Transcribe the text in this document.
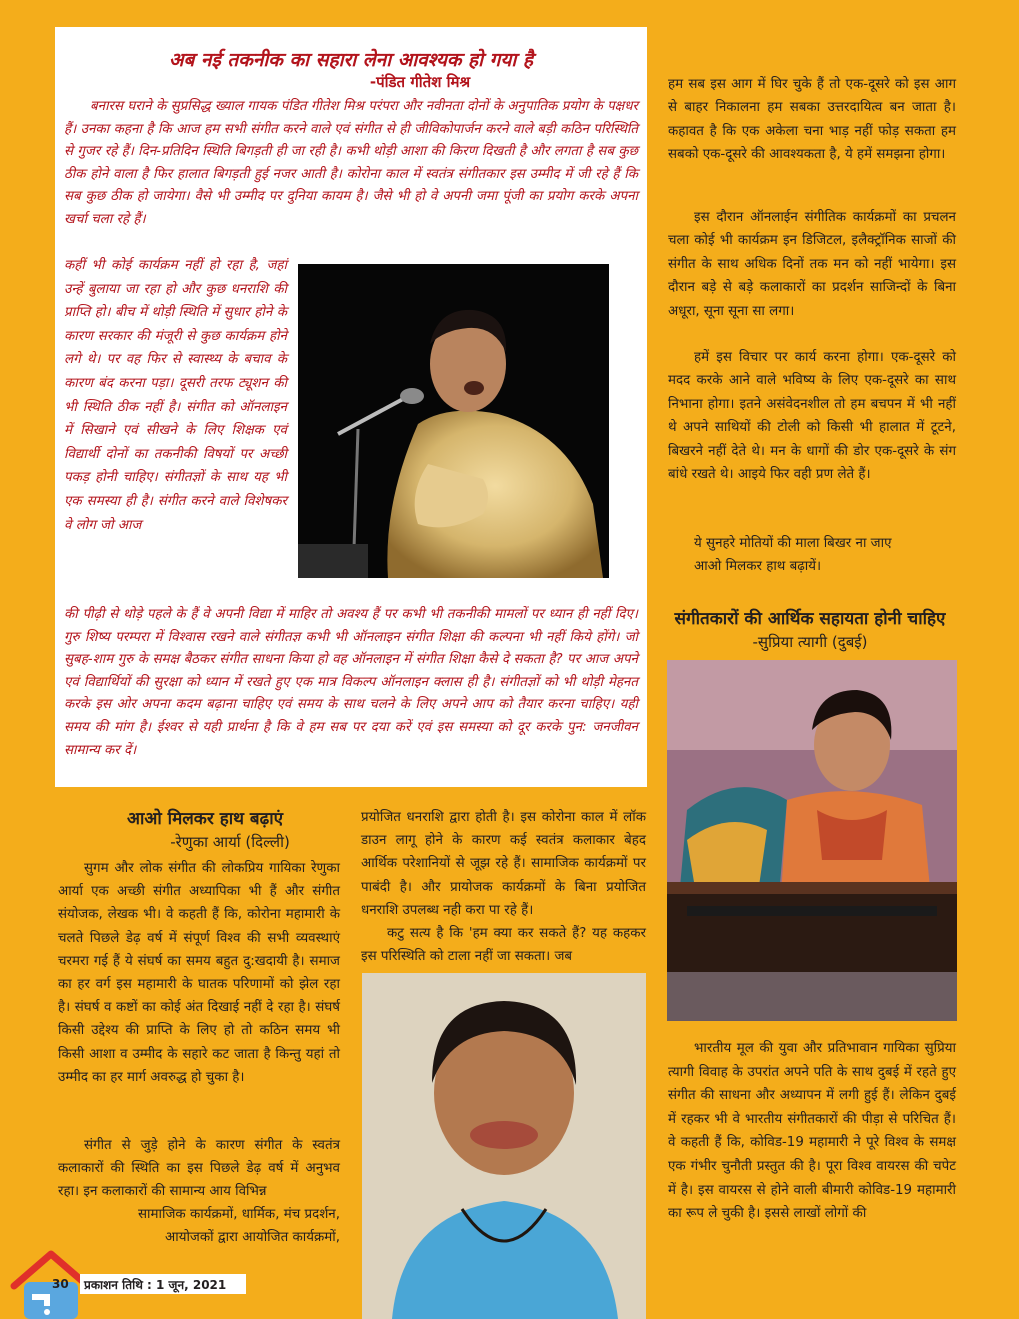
अब नई तकनीक का सहारा लेना आवश्यक हो गया है
-पंडित गीतेश मिश्र

बनारस घराने के सुप्रसिद्ध ख्याल गायक पंडित गीतेश मिश्र परंपरा और नवीनता दोनों के अनुपातिक प्रयोग के पक्षधर हैं। उनका कहना है कि आज हम सभी संगीत करने वाले एवं संगीत से ही जीविकोपार्जन करने वाले बड़ी कठिन परिस्थिति से गुजर रहे हैं। दिन-प्रतिदिन स्थिति बिगड़ती ही जा रही है। कभी थोड़ी आशा की किरण दिखती है और लगता है सब कुछ ठीक होने वाला है फिर हालात बिगड़ती हुई नजर आती है। कोरोना काल में स्वतंत्र संगीतकार इस उम्मीद में जी रहे हैं कि सब कुछ ठीक हो जायेगा। वैसे भी उम्मीद पर दुनिया कायम है। जैसे भी हो वे अपनी जमा पूंजी का प्रयोग करके अपना खर्चा चला रहे हैं।

कहीं भी कोई कार्यक्रम नहीं हो रहा है, जहां उन्हें बुलाया जा रहा हो और कुछ धनराशि की प्राप्ति हो। बीच में थोड़ी स्थिति में सुधार होने के कारण सरकार की मंजूरी से कुछ कार्यक्रम होने लगे थे। पर वह फिर से स्वास्थ्य के बचाव के कारण बंद करना पड़ा। दूसरी तरफ ट्यूशन की भी स्थिति ठीक नहीं है। संगीत को ऑनलाइन में सिखाने एवं सीखने के लिए शिक्षक एवं विद्यार्थी दोनों का तकनीकी विषयों पर अच्छी पकड़ होनी चाहिए। संगीतज्ञों के साथ यह भी एक समस्या ही है। संगीत करने वाले विशेषकर वे लोग जो आज

की पीढ़ी से थोड़े पहले के हैं वे अपनी विद्या में माहिर तो अवश्य हैं पर कभी भी तकनीकी मामलों पर ध्यान ही नहीं दिए। गुरु शिष्य परम्परा में विश्वास रखने वाले संगीतज्ञ कभी भी ऑनलाइन संगीत शिक्षा की कल्पना भी नहीं किये होंगे। जो सुबह-शाम गुरु के समक्ष बैठकर संगीत साधना किया हो वह ऑनलाइन में संगीत शिक्षा कैसे दे सकता है? पर आज अपने एवं विद्यार्थियों की सुरक्षा को ध्यान में रखते हुए एक मात्र विकल्प ऑनलाइन क्लास ही है। संगीतज्ञों को भी थोड़ी मेहनत करके इस ओर अपना कदम बढ़ाना चाहिए एवं समय के साथ चलने के लिए अपने आप को तैयार करना चाहिए। यही समय की मांग है। ईश्वर से यही प्रार्थना है कि वे हम सब पर दया करें एवं इस समस्या को दूर करके पुन: जनजीवन सामान्य कर दें।

हम सब इस आग में घिर चुके हैं तो एक-दूसरे को इस आग से बाहर निकालना हम सबका उत्तरदायित्व बन जाता है। कहावत है कि एक अकेला चना भाड़ नहीं फोड़ सकता हम सबको एक-दूसरे की आवश्यकता है, ये हमें समझना होगा।

इस दौरान ऑनलाईन संगीतिक कार्यक्रमों का प्रचलन चला कोई भी कार्यक्रम इन डिजिटल, इलैक्ट्रॉनिक साजों की संगीत के साथ अधिक दिनों तक मन को नहीं भायेगा। इस दौरान बड़े से बड़े कलाकारों का प्रदर्शन साजिन्दों के बिना अधूरा, सूना सूना सा लगा।

हमें इस विचार पर कार्य करना होगा। एक-दूसरे को मदद करके आने वाले भविष्य के लिए एक-दूसरे का साथ निभाना होगा। इतने असंवेदनशील तो हम बचपन में भी नहीं थे अपने साथियों की टोली को किसी भी हालात में टूटने, बिखरने नहीं देते थे। मन के धागों की डोर एक-दूसरे के संग बांधे रखते थे। आइये फिर वही प्रण लेते हैं।

ये सुनहरे मोतियों की माला बिखर ना जाए
आओ मिलकर हाथ बढ़ायें।
संगीतकारों की आर्थिक सहायता होनी चाहिए
-सुप्रिया त्यागी (दुबई)

भारतीय मूल की युवा और प्रतिभावान गायिका सुप्रिया त्यागी विवाह के उपरांत अपने पति के साथ दुबई में रहते हुए संगीत की साधना और अध्यापन में लगी हुई हैं। लेकिन दुबई में रहकर भी वे भारतीय संगीतकारों की पीड़ा से परिचित हैं। वे कहती हैं कि, कोविड-19 महामारी ने पूरे विश्व के समक्ष एक गंभीर चुनौती प्रस्तुत की है। पूरा विश्व वायरस की चपेट में है। इस वायरस से होने वाली बीमारी कोविड-19 महामारी का रूप ले चुकी है। इससे लाखों लोगों की

आओ मिलकर हाथ बढ़ाएं
-रेणुका आर्या (दिल्ली)

सुगम और लोक संगीत की लोकप्रिय गायिका रेणुका आर्या एक अच्छी संगीत अध्यापिका भी हैं और संगीत संयोजक, लेखक भी। वे कहती हैं कि, कोरोना महामारी के चलते पिछले डेढ़ वर्ष में संपूर्ण विश्व की सभी व्यवस्थाएं चरमरा गई हैं ये संघर्ष का समय बहुत दु:खदायी है। समाज का हर वर्ग इस महामारी के घातक परिणामों को झेल रहा है। संघर्ष व कष्टों का कोई अंत दिखाई नहीं दे रहा है। संघर्ष किसी उद्देश्य की प्राप्ति के लिए हो तो कठिन समय भी किसी आशा व उम्मीद के सहारे कट जाता है किन्तु यहां तो उम्मीद का हर मार्ग अवरुद्ध हो चुका है।

संगीत से जुड़े होने के कारण संगीत के स्वतंत्र कलाकारों की स्थिति का इस पिछले डेढ़ वर्ष में अनुभव रहा। इन कलाकारों की सामान्य आय विभिन्न

सामाजिक कार्यक्रमों, धार्मिक, मंच प्रदर्शन,
आयोजकों द्वारा आयोजित कार्यक्रमों,

प्रयोजित धनराशि द्वारा होती है। इस कोरोना काल में लॉक डाउन लागू होने के कारण कई स्वतंत्र कलाकार बेहद आर्थिक परेशानियों से जूझ रहे हैं। सामाजिक कार्यक्रमों पर पाबंदी है। और प्रायोजक कार्यक्रमों के बिना प्रयोजित धनराशि उपलब्ध नही करा पा रहे हैं।

कटु सत्य है कि 'हम क्या कर सकते हैं? यह कहकर इस परिस्थिति को टाला नहीं जा सकता। जब

30	प्रकाशन तिथि : 1 जून, 2021
